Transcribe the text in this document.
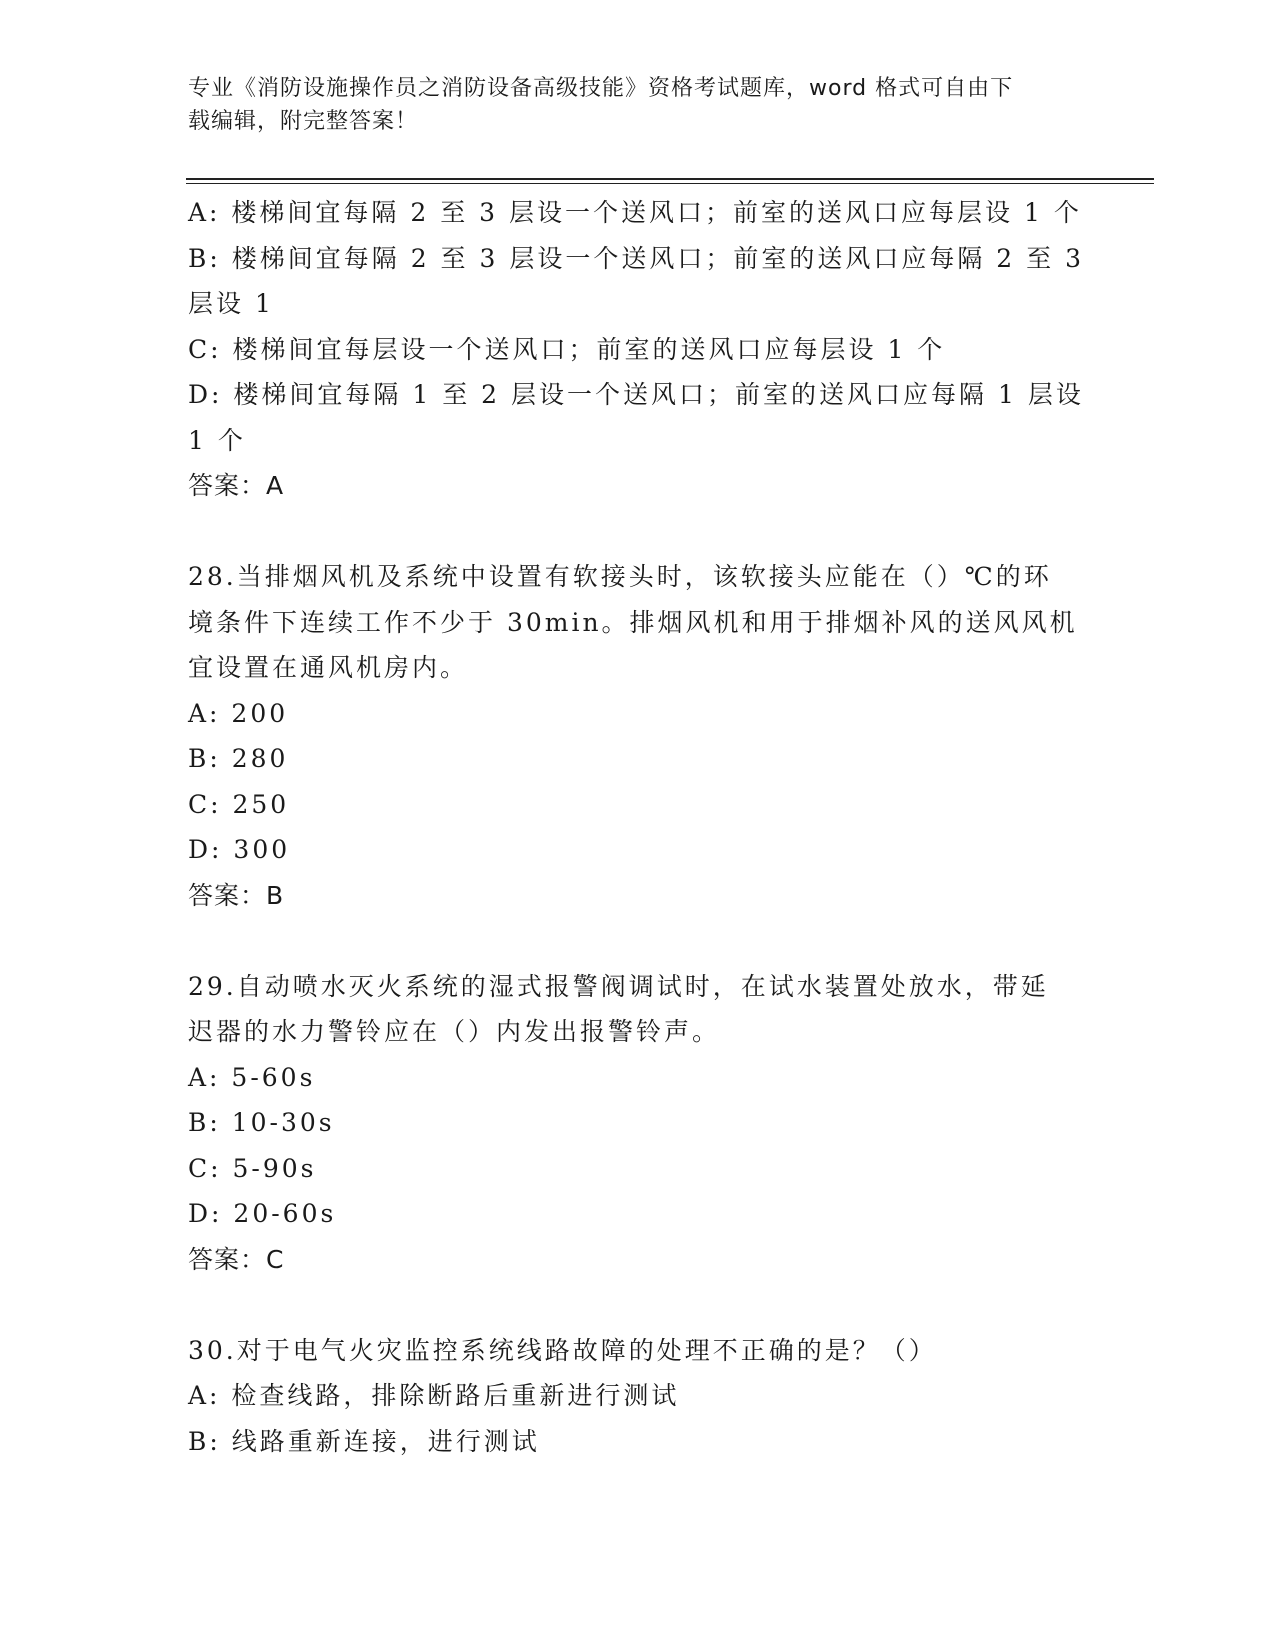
专业《消防设施操作员之消防设备高级技能》资格考试题库，word 格式可自由下
载编辑，附完整答案！
A: 楼梯间宜每隔 2 至 3 层设一个送风口；前室的送风口应每层设 1 个
B: 楼梯间宜每隔 2 至 3 层设一个送风口；前室的送风口应每隔 2 至 3
层设 1
C: 楼梯间宜每层设一个送风口；前室的送风口应每层设 1 个
D: 楼梯间宜每隔 1 至 2 层设一个送风口；前室的送风口应每隔 1 层设
1 个
答案：A
28.当排烟风机及系统中设置有软接头时，该软接头应能在（）℃的环
境条件下连续工作不少于 30min。排烟风机和用于排烟补风的送风风机
宜设置在通风机房内。
A: 200
B: 280
C: 250
D: 300
答案：B
29.自动喷水灭火系统的湿式报警阀调试时，在试水装置处放水，带延
迟器的水力警铃应在（）内发出报警铃声。
A: 5-60s
B: 10-30s
C: 5-90s
D: 20-60s
答案：C
30.对于电气火灾监控系统线路故障的处理不正确的是？（）
A: 检查线路，排除断路后重新进行测试
B: 线路重新连接，进行测试
